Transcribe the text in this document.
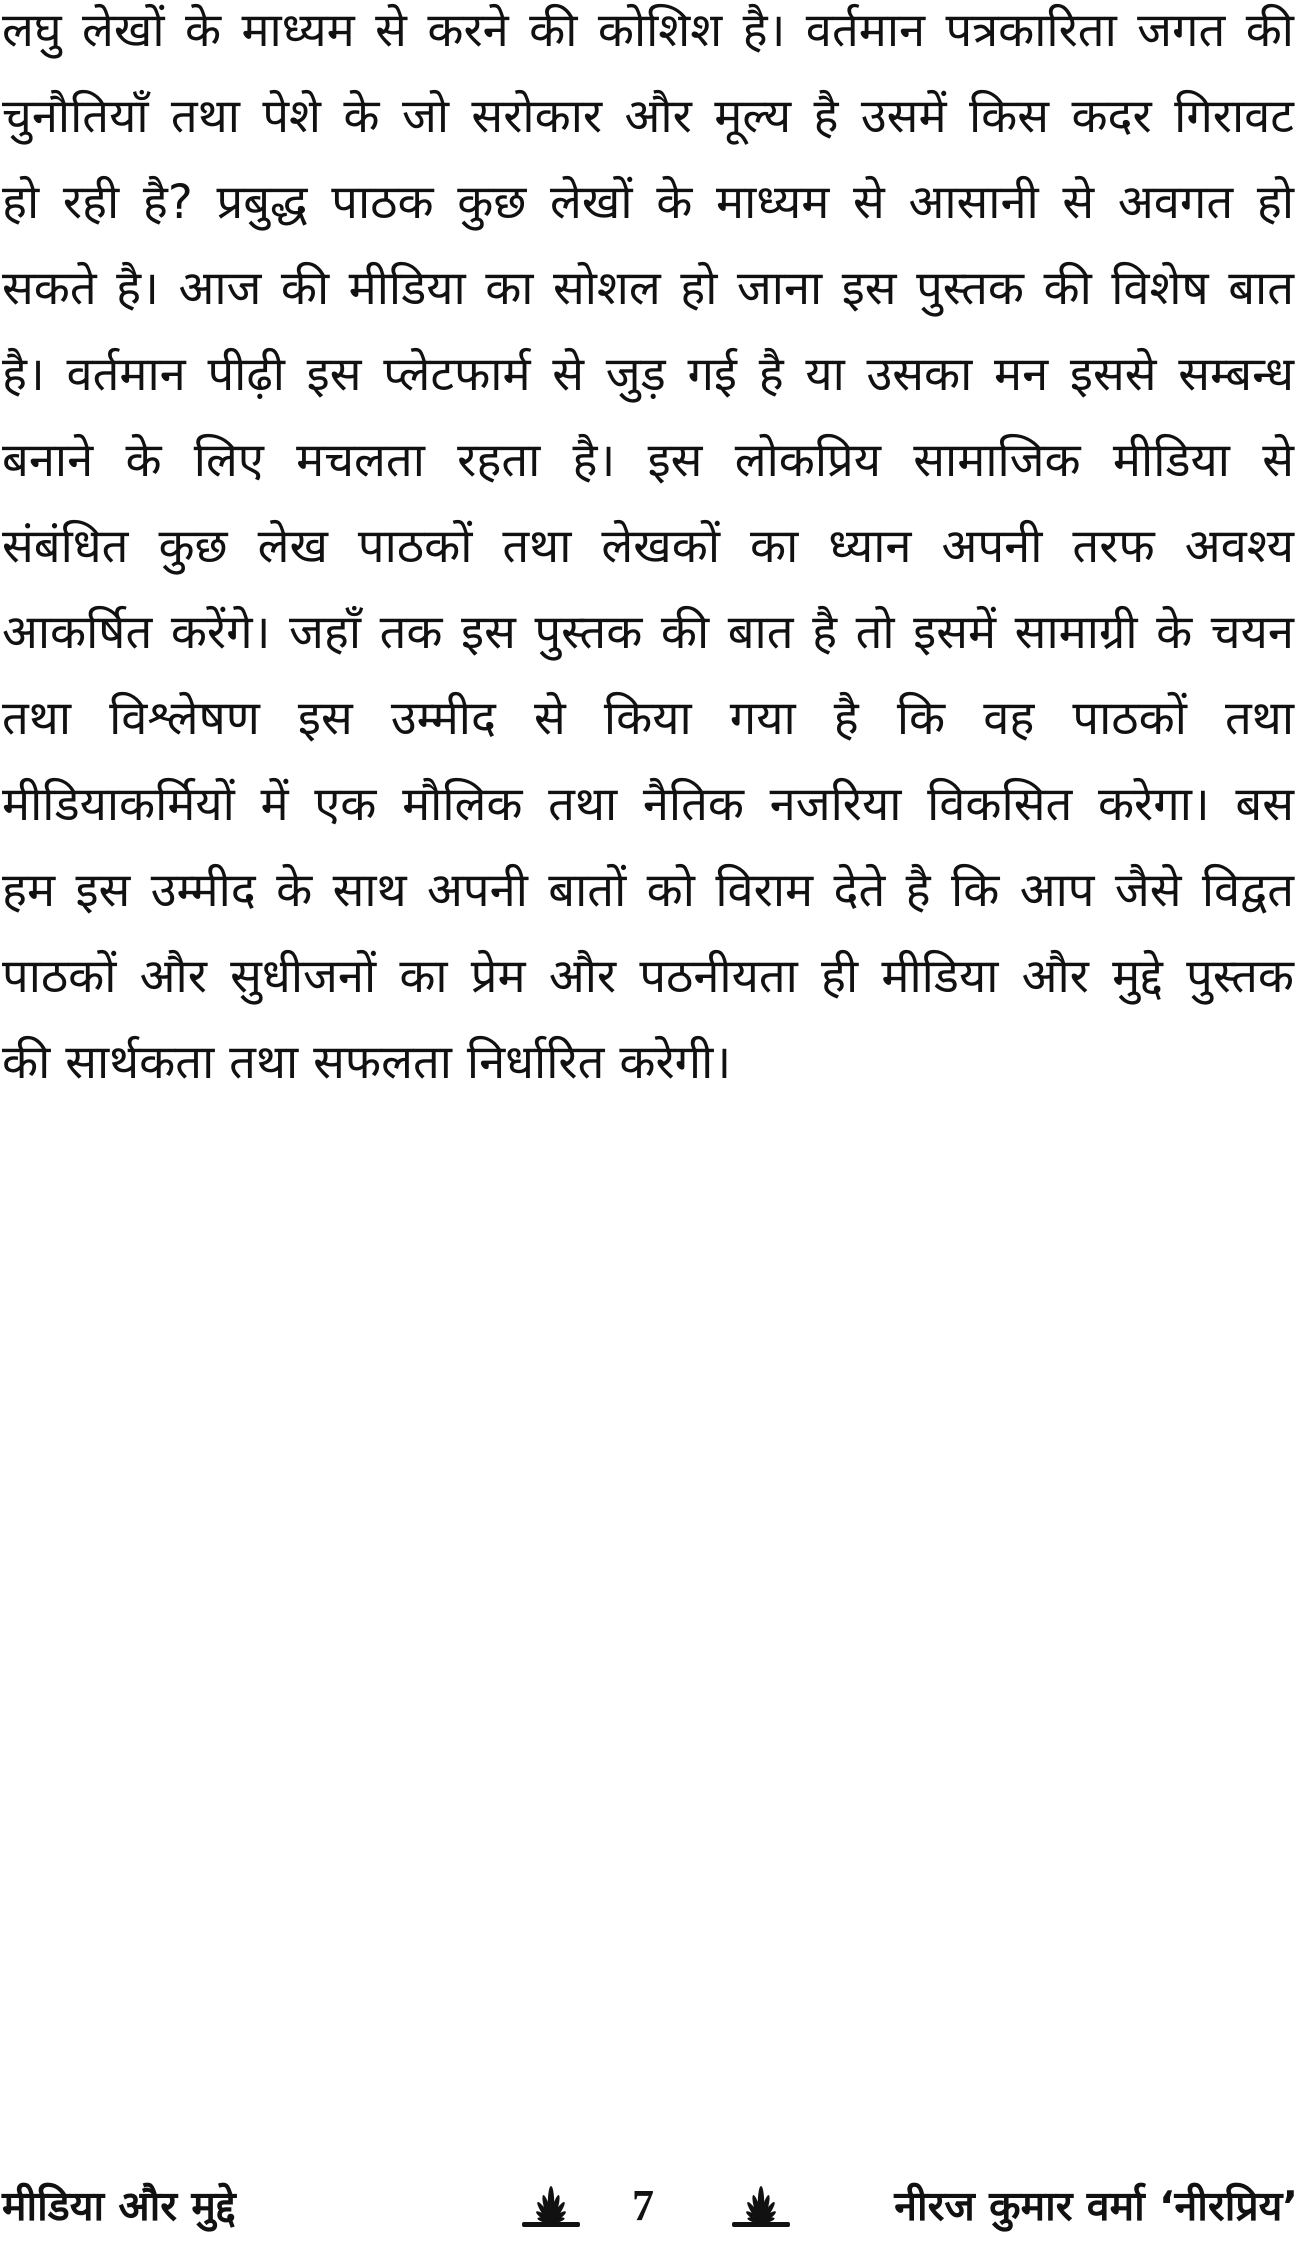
लघु लेखों के माध्यम से करने की कोशिश है। वर्तमान पत्रकारिता जगत की
चुनौतियाँ तथा पेशे के जो सरोकार और मूल्य है उसमें किस कदर गिरावट
हो रही है? प्रबुद्ध पाठक कुछ लेखों के माध्यम से आसानी से अवगत हो
सकते है। आज की मीडिया का सोशल हो जाना इस पुस्तक की विशेष बात
है। वर्तमान पीढ़ी इस प्लेटफार्म से जुड़ गई है या उसका मन इससे सम्बन्ध
बनाने के लिए मचलता रहता है। इस लोकप्रिय सामाजिक मीडिया से
संबंधित कुछ लेख पाठकों तथा लेखकों का ध्यान अपनी तरफ अवश्य
आकर्षित करेंगे। जहाँ तक इस पुस्तक की बात है तो इसमें सामाग्री के चयन
तथा विश्लेषण इस उम्मीद से किया गया है कि वह पाठकों तथा
मीडियाकर्मियों में एक मौलिक तथा नैतिक नजरिया विकसित करेगा। बस
हम इस उम्मीद के साथ अपनी बातों को विराम देते है कि आप जैसे विद्वत
पाठकों और सुधीजनों का प्रेम और पठनीयता ही मीडिया और मुद्दे पुस्तक
की सार्थकता तथा सफलता निर्धारित करेगी।
मीडिया और मुद्दे	7	नीरज कुमार वर्मा ‘नीरप्रिय’
